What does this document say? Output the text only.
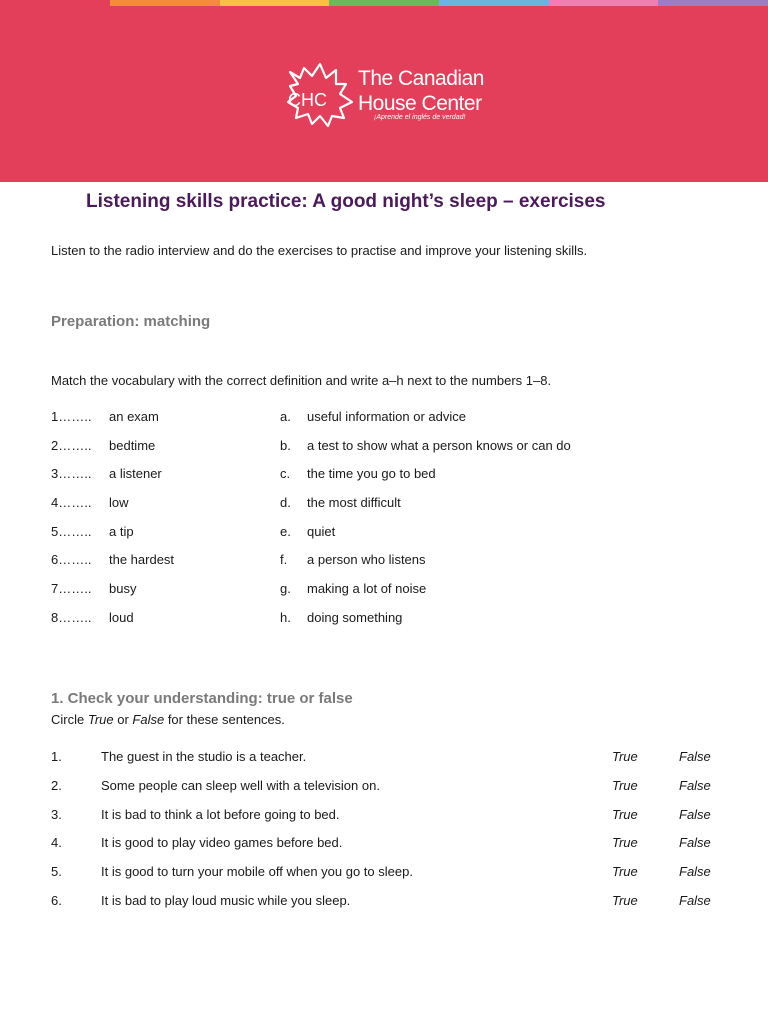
CHC
The Canadian
House Center
¡Aprende el inglés de verdad!
Listening skills practice: A good night’s sleep – exercises
Listen to the radio interview and do the exercises to practise and improve your listening skills.
Preparation: matching
Match the vocabulary with the correct definition and write a–h next to the numbers 1–8.
1…….. an exam	a. useful information or advice
2…….. bedtime	b. a test to show what a person knows or can do
3…….. a listener	c. the time you go to bed
4…….. low	d. the most difficult
5…….. a tip	e. quiet
6…….. the hardest	f. a person who listens
7…….. busy	g. making a lot of noise
8…….. loud	h. doing something
1. Check your understanding: true or false
Circle True or False for these sentences.
1.	The guest in the studio is a teacher.	True	False
2.	Some people can sleep well with a television on.	True	False
3.	It is bad to think a lot before going to bed.	True	False
4.	It is good to play video games before bed.	True	False
5.	It is good to turn your mobile off when you go to sleep.	True	False
6.	It is bad to play loud music while you sleep.	True	False
